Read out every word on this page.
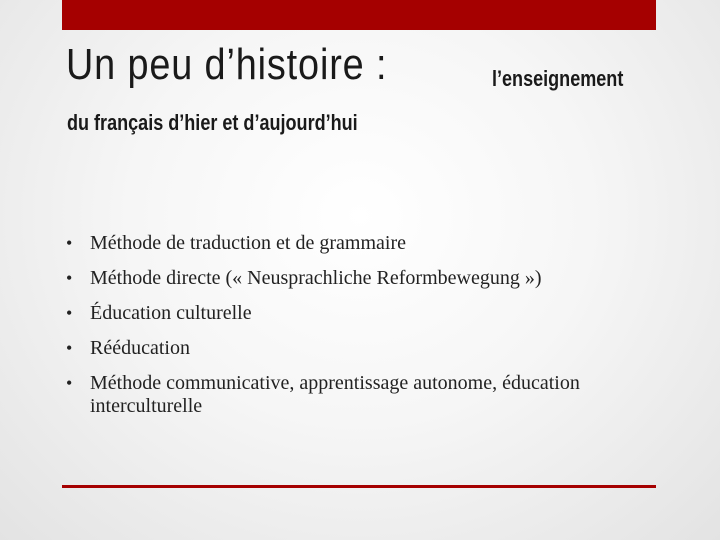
Un peu d’histoire :	l’enseignement
du français d’hier et d’aujourd’hui
• Méthode de traduction et de grammaire
• Méthode directe (« Neusprachliche Reformbewegung »)
• Éducation culturelle
• Rééducation
• Méthode communicative, apprentissage autonome, éducation interculturelle
